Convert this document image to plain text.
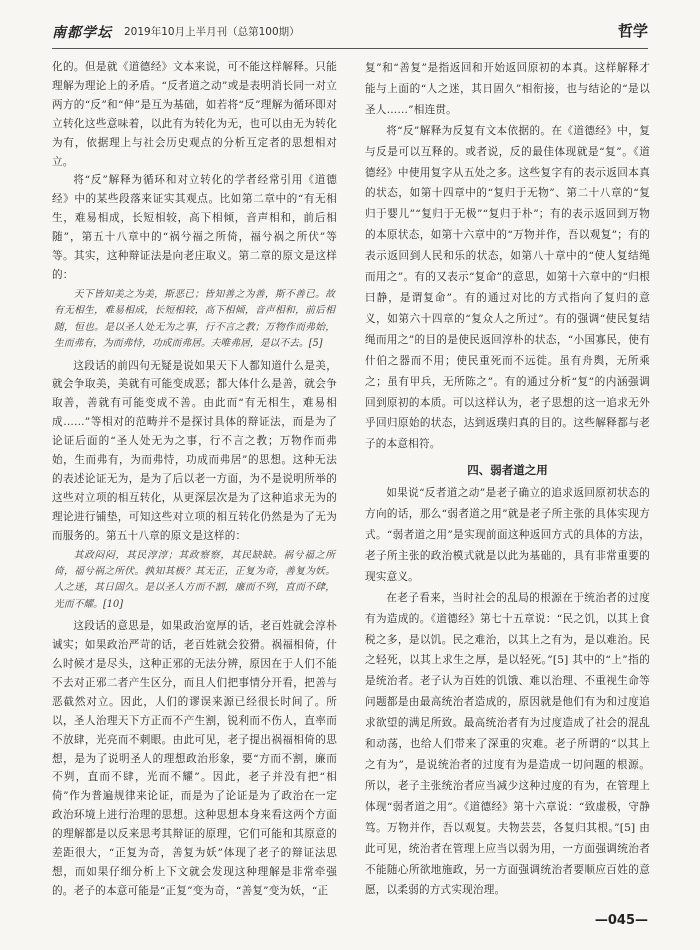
南都学坛 2019年10月上半月刊（总第100期）	哲学

化的。但是就《道德经》文本来说，可不能这样解释。只能理解为理论上的矛盾。“反者道之动”或是表明消长同一对立两方的“反”和“伸”是互为基础，如若将“反”理解为循环即对立转化这些意味着，以此有为转化为无，也可以由无为转化为有，依据理上与社会历史观点的分析互定者的思想相对立。

将“反”解释为循环和对立转化的学者经常引用《道德经》中的某些段落来证实其观点。比如第二章中的“有无相生，难易相成，长短相较，高下相倾，音声相和，前后相随”，第五十八章中的“祸兮福之所倚，福兮祸之所伏”等等。其实，这种辩证法是向老庄取义。第二章的原文是这样的：

天下皆知美之为美，斯恶已；皆知善之为善，斯不善已。故有无相生，难易相成，长短相较，高下相倾，音声相和，前后相随，恒也。是以圣人处无为之事，行不言之教；万物作而弗始，生而弗有，为而弗恃，功成而弗居。夫唯弗居，是以不去。[5]

这段话的前四句无疑是说如果天下人都知道什么是美，就会争取美，美就有可能变成恶；都大体什么是善，就会争取善，善就有可能变成不善。由此而“有无相生，难易相成……”等相对的范畴并不是探讨具体的辩证法，而是为了论证后面的“圣人处无为之事，行不言之教；万物作而弗始，生而弗有，为而弗恃，功成而弗居”的思想。这种无法的表述论证无为，是为了后以老一方面，为不是说明所举的这些对立项的相互转化，从更深层次是为了这种追求无为的理论进行铺垫，可知这些对立项的相互转化仍然是为了无为而服务的。第五十八章的原文是这样的：

其政闷闷，其民淳淳；其政察察，其民缺缺。祸兮福之所倚，福兮祸之所伏。孰知其极？其无正，正复为奇，善复为妖。人之迷，其日固久。是以圣人方而不割，廉而不刿，直而不肆，光而不耀。[10]

这段话的意思是，如果政治宽厚的话，老百姓就会淳朴诚实；如果政治严苛的话，老百姓就会狡猾。祸福相倚，什么时候才是尽头，这种正邪的无法分辨，原因在于人们不能不去对正邪二者产生区分，而且人们把事情分开看，把善与恶截然对立。因此，人们的谬误来源已经很长时间了。所以，圣人治理天下方正而不产生割，锐利而不伤人，直率而不放肆，光亮而不刺眼。由此可见，老子提出祸福相倚的思想，是为了说明圣人的理想政治形象，要“方而不割，廉而不刿，直而不肆，光而不耀”。因此，老子并没有把“相倚”作为普遍规律来论证，而是为了论证是为了政治在一定政治环境上进行治理的思想。这种思想本身来看这两个方面的理解都是以反来思考其辩证的原理，它们可能和其原意的差距很大，“正复为奇，善复为妖”体现了老子的辩证法思想，而如果仔细分析上下文就会发现这种理解是非常牵强的。老子的本意可能是“正复”变为奇，“善复”变为妖，“正

复”和“善复”是指返回和开始返回原初的本真。这样解释才能与上面的“人之迷，其日固久”相衔接，也与结论的“是以圣人……”相连贯。

将“反”解释为反复有文本依据的。在《道德经》中，复与反是可以互释的。或者说，反的最佳体现就是“复”。《道德经》中使用复字从五处之多。这些复字有的表示返回本真的状态，如第十四章中的“复归于无物”、第二十八章的“复归于婴儿”“复归于无极”“复归于朴”；有的表示返回到万物的本原状态，如第十六章中的“万物并作，吾以观复”；有的表示返回到人民和乐的状态，如第八十章中的“使人复结绳而用之”。有的又表示“复命”的意思，如第十六章中的“归根曰静，是谓复命”。有的通过对比的方式指向了复归的意义，如第六十四章的“复众人之所过”。有的强调“使民复结绳而用之”的目的是使民返回淳朴的状态，“小国寡民，使有什伯之器而不用；使民重死而不远徙。虽有舟舆，无所乘之；虽有甲兵，无所陈之”。有的通过分析“复”的内涵强调回到原初的本质。可以这样认为，老子思想的这一追求无外乎回归原始的状态，达到返璞归真的目的。这些解释都与老子的本意相符。

四、弱者道之用

如果说“反者道之动”是老子确立的追求返回原初状态的方向的话，那么“弱者道之用”就是老子所主张的具体实现方式。“弱者道之用”是实现前面这种返回方式的具体的方法，老子所主张的政治模式就是以此为基础的，具有非常重要的现实意义。

在老子看来，当时社会的乱局的根源在于统治者的过度有为造成的。《道德经》第七十五章说：“民之饥，以其上食税之多，是以饥。民之难治，以其上之有为，是以难治。民之轻死，以其上求生之厚，是以轻死。”[5] 其中的“上”指的是统治者。老子认为百姓的饥饿、难以治理、不重视生命等问题都是由最高统治者造成的，原因就是他们有为和过度追求欲望的满足所致。最高统治者有为过度造成了社会的混乱和动荡，也给人们带来了深重的灾难。老子所谓的“以其上之有为”，是说统治者的过度有为是造成一切问题的根源。所以，老子主张统治者应当减少这种过度的有为，在管理上体现“弱者道之用”。《道德经》第十六章说：“致虚极，守静笃。万物并作，吾以观复。夫物芸芸，各复归其根。”[5] 由此可见，统治者在管理上应当以弱为用，一方面强调统治者不能随心所欲地施政，另一方面强调统治者要顺应百姓的意愿，以柔弱的方式实现治理。

—045—
